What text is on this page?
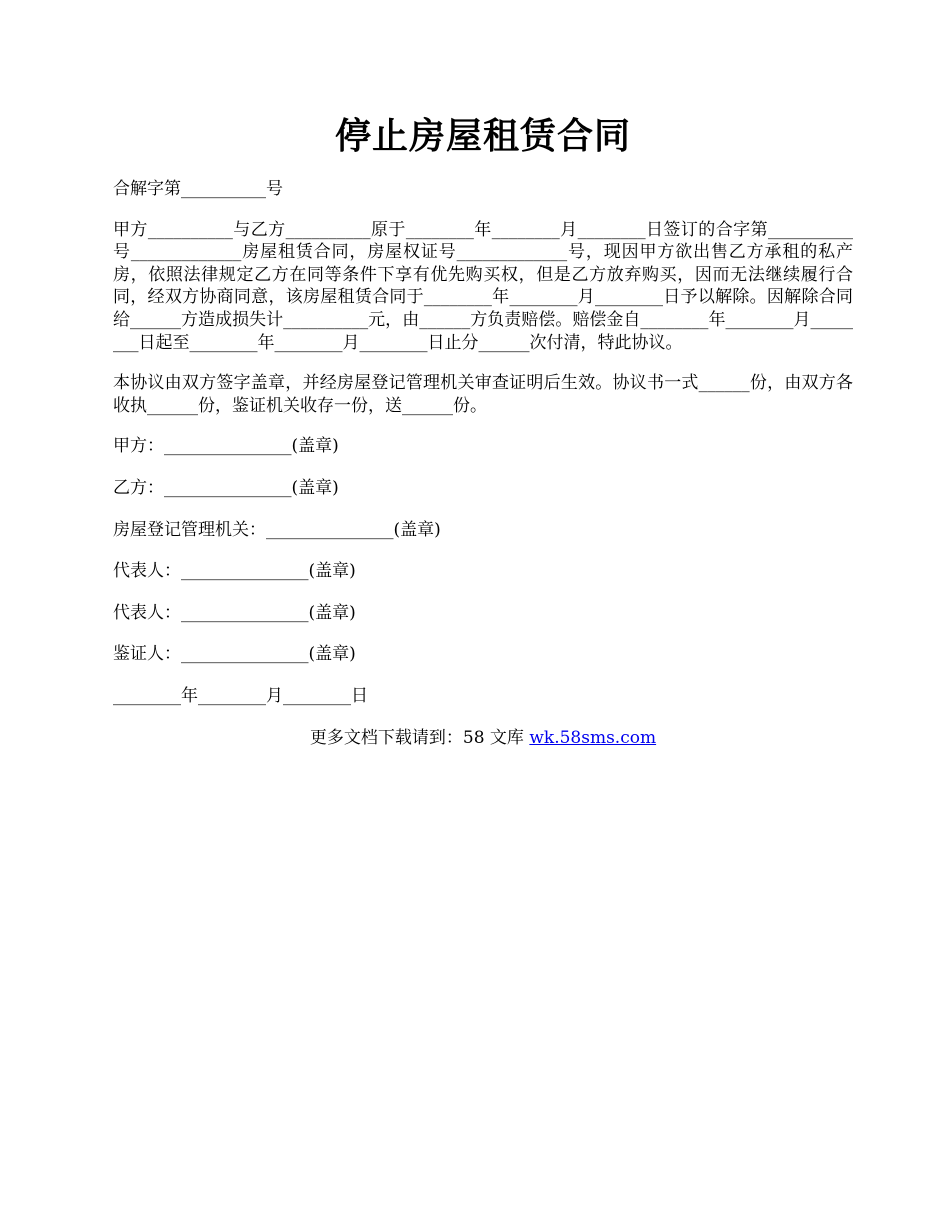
停止房屋租赁合同
合解字第__________号
甲方__________与乙方__________原于________年________月________日签订的合字第__________号_____________房屋租赁合同，房屋权证号_____________号，现因甲方欲出售乙方承租的私产房，依照法律规定乙方在同等条件下享有优先购买权，但是乙方放弃购买，因而无法继续履行合同，经双方协商同意，该房屋租赁合同于________年________月________日予以解除。因解除合同给______方造成损失计__________元，由______方负责赔偿。赔偿金自________年________月________日起至________年________月________日止分______次付清，特此协议。
本协议由双方签字盖章，并经房屋登记管理机关审查证明后生效。协议书一式______份，由双方各收执______份，鉴证机关收存一份，送______份。
甲方：_______________(盖章)
乙方：_______________(盖章)
房屋登记管理机关：_______________(盖章)
代表人：_______________(盖章)
代表人：_______________(盖章)
鉴证人：_______________(盖章)
________年________月________日
更多文档下载请到：58 文库 wk.58sms.com
